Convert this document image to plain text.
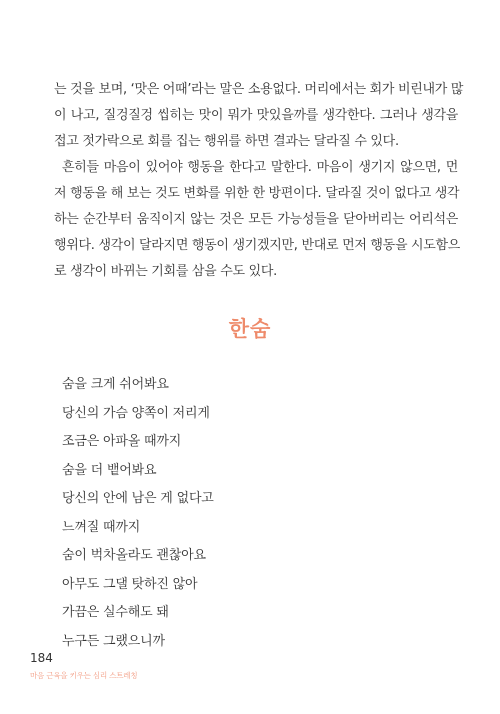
는 것을 보며, ‘맛은 어때’라는 말은 소용없다. 머리에서는 회가 비린내가 많
이 나고, 질겅질겅 씹히는 맛이 뭐가 맛있을까를 생각한다. 그러나 생각을
접고 젓가락으로 회를 집는 행위를 하면 결과는 달라질 수 있다.
흔히들 마음이 있어야 행동을 한다고 말한다. 마음이 생기지 않으면, 먼
저 행동을 해 보는 것도 변화를 위한 한 방편이다. 달라질 것이 없다고 생각
하는 순간부터 움직이지 않는 것은 모든 가능성들을 닫아버리는 어리석은
행위다. 생각이 달라지면 행동이 생기겠지만, 반대로 먼저 행동을 시도함으
로 생각이 바뀌는 기회를 삼을 수도 있다.
한숨
숨을 크게 쉬어봐요
당신의 가슴 양쪽이 저리게
조금은 아파올 때까지
숨을 더 뱉어봐요
당신의 안에 남은 게 없다고
느껴질 때까지
숨이 벅차올라도 괜찮아요
아무도 그댈 탓하진 않아
가끔은 실수해도 돼
누구든 그랬으니까
184
마음 근육을 키우는 심리 스트레칭
